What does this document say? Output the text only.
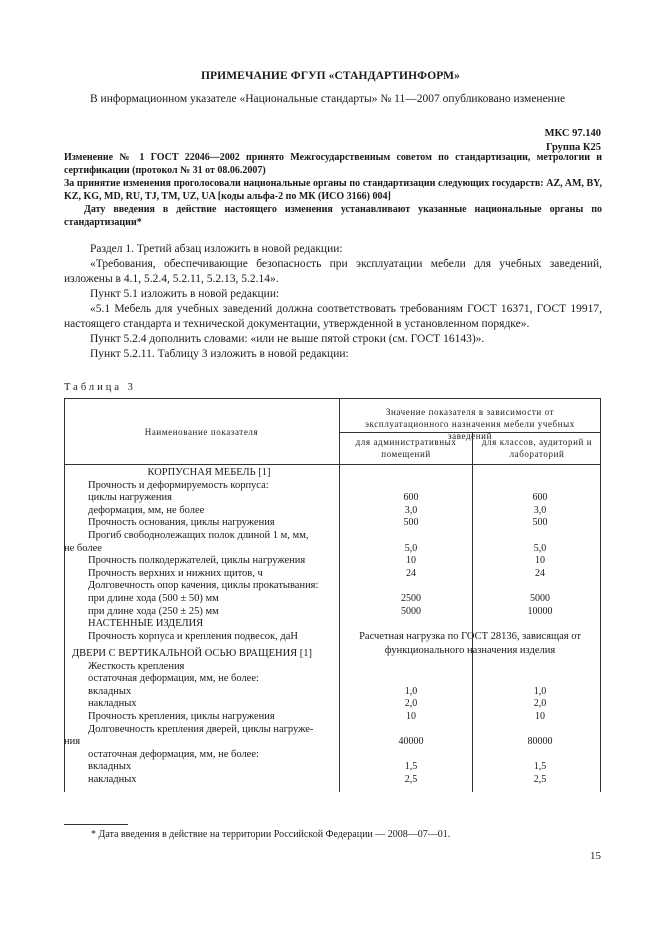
ПРИМЕЧАНИЕ ФГУП «СТАНДАРТИНФОРМ»
В информационном указателе «Национальные стандарты» № 11—2007 опубликовано изменение
МКС 97.140
Группа К25

Изменение № 1 ГОСТ 22046—2002 принято Межгосударственным советом по стандартизации, метрологии и сертификации (протокол № 31 от 08.06.2007)

За принятие изменения проголосовали национальные органы по стандартизации следующих государств: AZ, AM, BY, KZ, KG, MD, RU, TJ, TM, UZ, UA [коды альфа-2 по МК (ИСО 3166) 004]

Дату введения в действие настоящего изменения устанавливают указанные национальные органы по стандартизации*

Раздел 1. Третий абзац изложить в новой редакции:

«Требования, обеспечивающие безопасность при эксплуатации мебели для учебных заведений, изложены в 4.1, 5.2.4, 5.2.11, 5.2.13, 5.2.14».

Пункт 5.1 изложить в новой редакции:

«5.1 Мебель для учебных заведений должна соответствовать требованиям ГОСТ 16371, ГОСТ 19917, настоящего стандарта и технической документации, утвержденной в установленном порядке».

Пункт 5.2.4 дополнить словами: «или не выше пятой строки (см. ГОСТ 16143)».

Пункт 5.2.11. Таблицу 3 изложить в новой редакции:

Таблица 3
Наименование показателя
Значение показателя в зависимости от эксплуатационного назначения мебели учебных заведений
для административных помещений
для классов, аудиторий и лабораторий
КОРПУСНАЯ МЕБЕЛЬ [1]
Прочность и деформируемость корпуса:
циклы нагружения	600	600
деформация, мм, не более	3,0	3,0
Прочность основания, циклы нагружения	500	500
Прогиб свободнолежащих полок длиной 1 м, мм,
не более	5,0	5,0
Прочность полкодержателей, циклы нагружения	10	10
Прочность верхних и нижних щитов, ч	24	24
Долговечность опор качения, циклы прокатывания:
при длине хода (500 ± 50) мм	2500	5000
при длине хода (250 ± 25) мм	5000	10000
НАСТЕННЫЕ ИЗДЕЛИЯ
Прочность корпуса и крепления подвесок, даН	Расчетная нагрузка по ГОСТ 28136, зависящая от функционального назначения изделия
ДВЕРИ С ВЕРТИКАЛЬНОЙ ОСЬЮ ВРАЩЕНИЯ [1]
Жесткость крепления
остаточная деформация, мм, не более:
вкладных	1,0	1,0
накладных	2,0	2,0
Прочность крепления, циклы нагружения	10	10
Долговечность крепления дверей, циклы нагруже-
ния	40000	80000
остаточная деформация, мм, не более:
вкладных	1,5	1,5
накладных	2,5	2,5
* Дата введения в действие на территории Российской Федерации — 2008—07—01.
15
